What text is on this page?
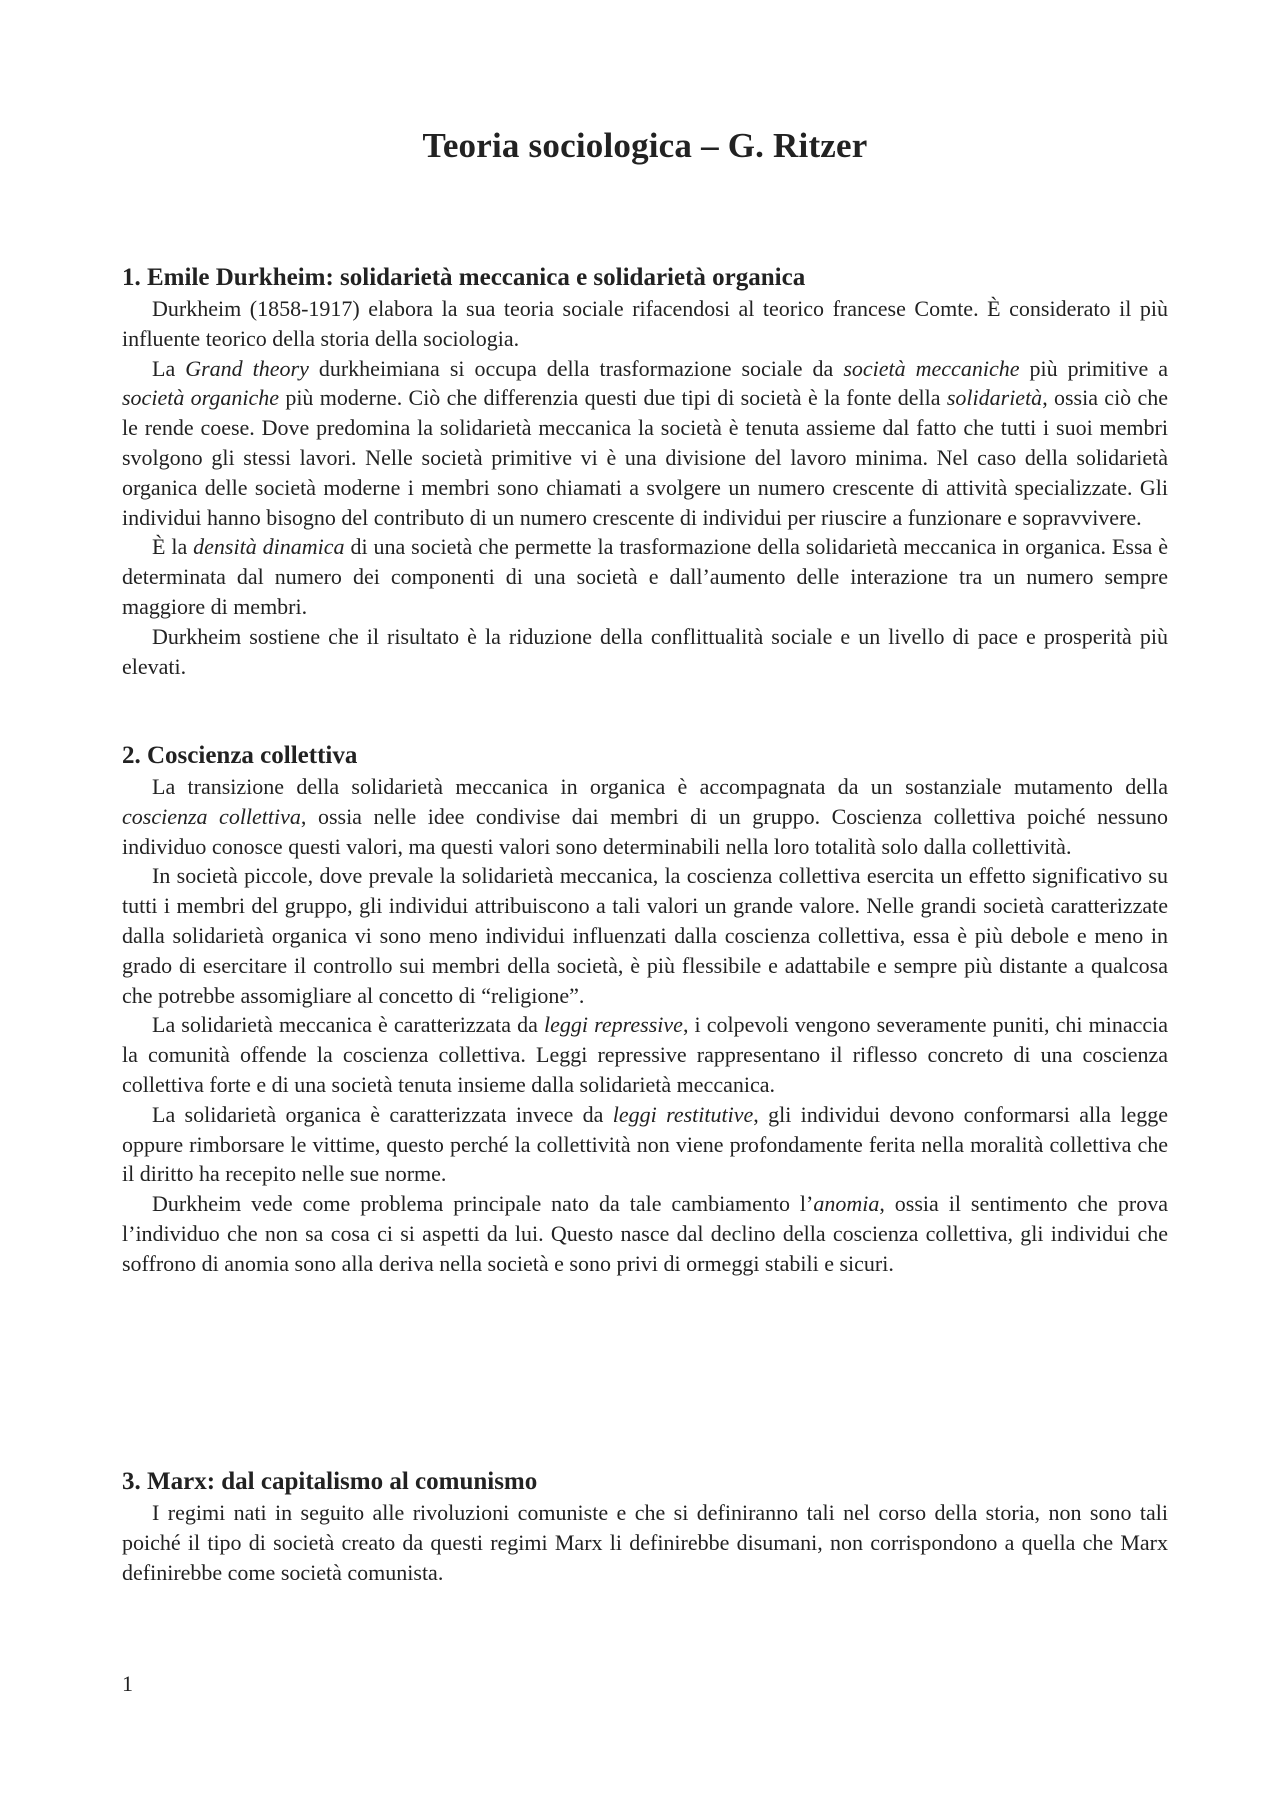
Teoria sociologica – G. Ritzer
1. Emile Durkheim: solidarietà meccanica e solidarietà organica

Durkheim (1858-1917) elabora la sua teoria sociale rifacendosi al teorico francese Comte. È considerato il più influente teorico della storia della sociologia.

La Grand theory durkheimiana si occupa della trasformazione sociale da società meccaniche più primitive a società organiche più moderne. Ciò che differenzia questi due tipi di società è la fonte della solidarietà, ossia ciò che le rende coese. Dove predomina la solidarietà meccanica la società è tenuta assieme dal fatto che tutti i suoi membri svolgono gli stessi lavori. Nelle società primitive vi è una divisione del lavoro minima. Nel caso della solidarietà organica delle società moderne i membri sono chiamati a svolgere un numero crescente di attività specializzate. Gli individui hanno bisogno del contributo di un numero crescente di individui per riuscire a funzionare e sopravvivere.

È la densità dinamica di una società che permette la trasformazione della solidarietà meccanica in organica. Essa è determinata dal numero dei componenti di una società e dall’aumento delle interazione tra un numero sempre maggiore di membri.

Durkheim sostiene che il risultato è la riduzione della conflittualità sociale e un livello di pace e prosperità più elevati.

2. Coscienza collettiva

La transizione della solidarietà meccanica in organica è accompagnata da un sostanziale mutamento della coscienza collettiva, ossia nelle idee condivise dai membri di un gruppo. Coscienza collettiva poiché nessuno individuo conosce questi valori, ma questi valori sono determinabili nella loro totalità solo dalla collettività.

In società piccole, dove prevale la solidarietà meccanica, la coscienza collettiva esercita un effetto significativo su tutti i membri del gruppo, gli individui attribuiscono a tali valori un grande valore. Nelle grandi società caratterizzate dalla solidarietà organica vi sono meno individui influenzati dalla coscienza collettiva, essa è più debole e meno in grado di esercitare il controllo sui membri della società, è più flessibile e adattabile e sempre più distante a qualcosa che potrebbe assomigliare al concetto di “religione”.

La solidarietà meccanica è caratterizzata da leggi repressive, i colpevoli vengono severamente puniti, chi minaccia la comunità offende la coscienza collettiva. Leggi repressive rappresentano il riflesso concreto di una coscienza collettiva forte e di una società tenuta insieme dalla solidarietà meccanica.

La solidarietà organica è caratterizzata invece da leggi restitutive, gli individui devono conformarsi alla legge oppure rimborsare le vittime, questo perché la collettività non viene profondamente ferita nella moralità collettiva che il diritto ha recepito nelle sue norme.

Durkheim vede come problema principale nato da tale cambiamento l’anomia, ossia il sentimento che prova l’individuo che non sa cosa ci si aspetti da lui. Questo nasce dal declino della coscienza collettiva, gli individui che soffrono di anomia sono alla deriva nella società e sono privi di ormeggi stabili e sicuri.

3. Marx: dal capitalismo al comunismo

I regimi nati in seguito alle rivoluzioni comuniste e che si definiranno tali nel corso della storia, non sono tali poiché il tipo di società creato da questi regimi Marx li definirebbe disumani, non corrispondono a quella che Marx definirebbe come società comunista.

1
